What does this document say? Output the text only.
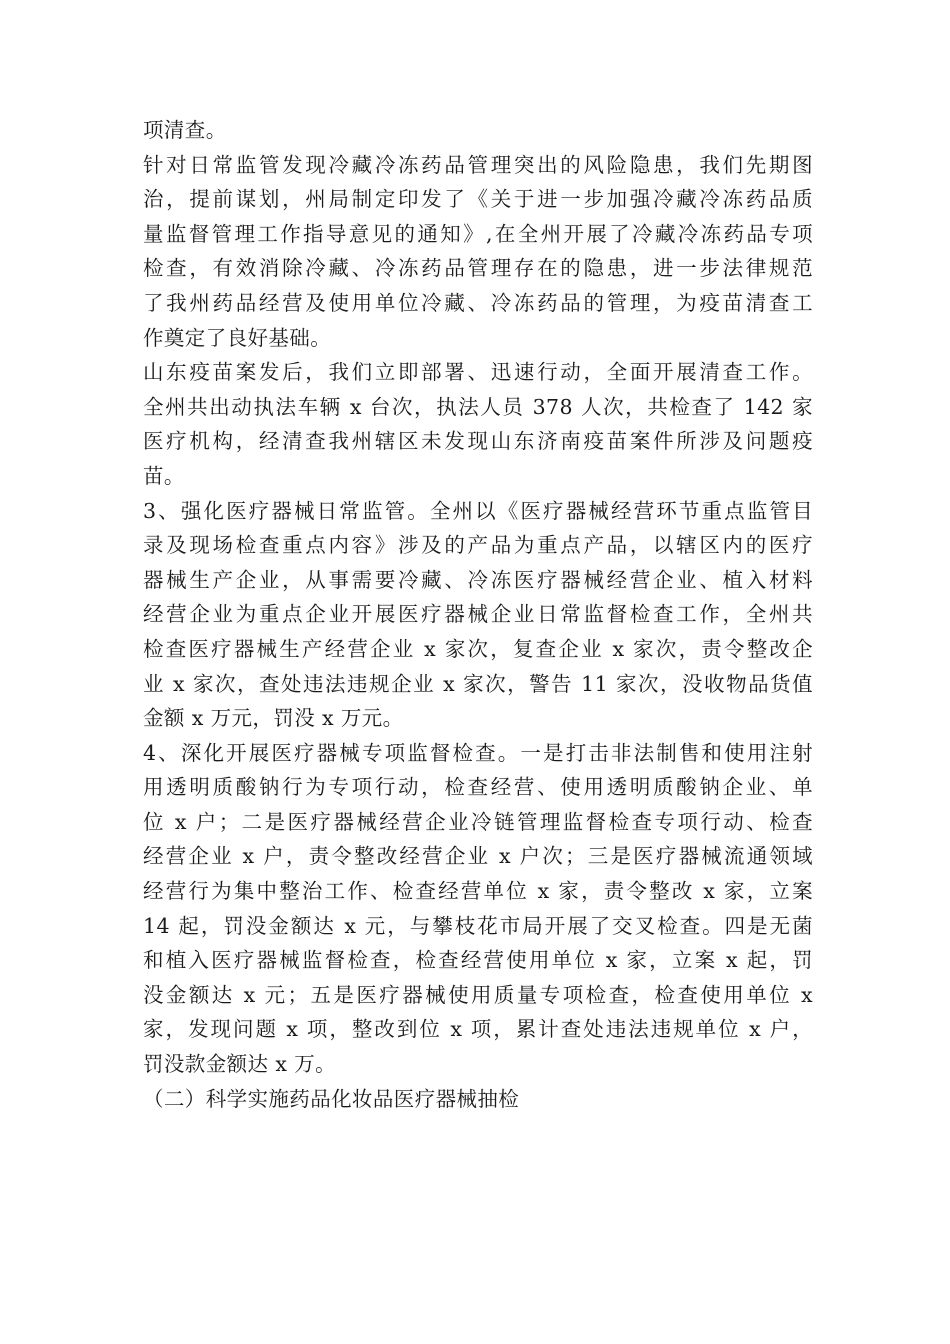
项清查。
针对日常监管发现冷藏冷冻药品管理突出的风险隐患，我们先期图
治，提前谋划，州局制定印发了《关于进一步加强冷藏冷冻药品质
量监督管理工作指导意见的通知》,在全州开展了冷藏冷冻药品专项
检查，有效消除冷藏、冷冻药品管理存在的隐患，进一步法律规范
了我州药品经营及使用单位冷藏、冷冻药品的管理，为疫苗清查工
作奠定了良好基础。
山东疫苗案发后，我们立即部署、迅速行动，全面开展清查工作。
全州共出动执法车辆 x 台次，执法人员 378 人次，共检查了 142 家
医疗机构，经清查我州辖区未发现山东济南疫苗案件所涉及问题疫
苗。
3、强化医疗器械日常监管。全州以《医疗器械经营环节重点监管目
录及现场检查重点内容》涉及的产品为重点产品，以辖区内的医疗
器械生产企业，从事需要冷藏、冷冻医疗器械经营企业、植入材料
经营企业为重点企业开展医疗器械企业日常监督检查工作，全州共
检查医疗器械生产经营企业 x 家次，复查企业 x 家次，责令整改企
业 x 家次，查处违法违规企业 x 家次，警告 11 家次，没收物品货值
金额 x 万元，罚没 x 万元。
4、深化开展医疗器械专项监督检查。一是打击非法制售和使用注射
用透明质酸钠行为专项行动，检查经营、使用透明质酸钠企业、单
位 x 户；二是医疗器械经营企业冷链管理监督检查专项行动、检查
经营企业 x 户，责令整改经营企业 x 户次；三是医疗器械流通领域
经营行为集中整治工作、检查经营单位 x 家，责令整改 x 家，立案
14 起，罚没金额达 x 元，与攀枝花市局开展了交叉检查。四是无菌
和植入医疗器械监督检查，检查经营使用单位 x 家，立案 x 起，罚
没金额达 x 元；五是医疗器械使用质量专项检查，检查使用单位 x
家，发现问题 x 项，整改到位 x 项，累计查处违法违规单位 x 户，
罚没款金额达 x 万。
（二）科学实施药品化妆品医疗器械抽检
